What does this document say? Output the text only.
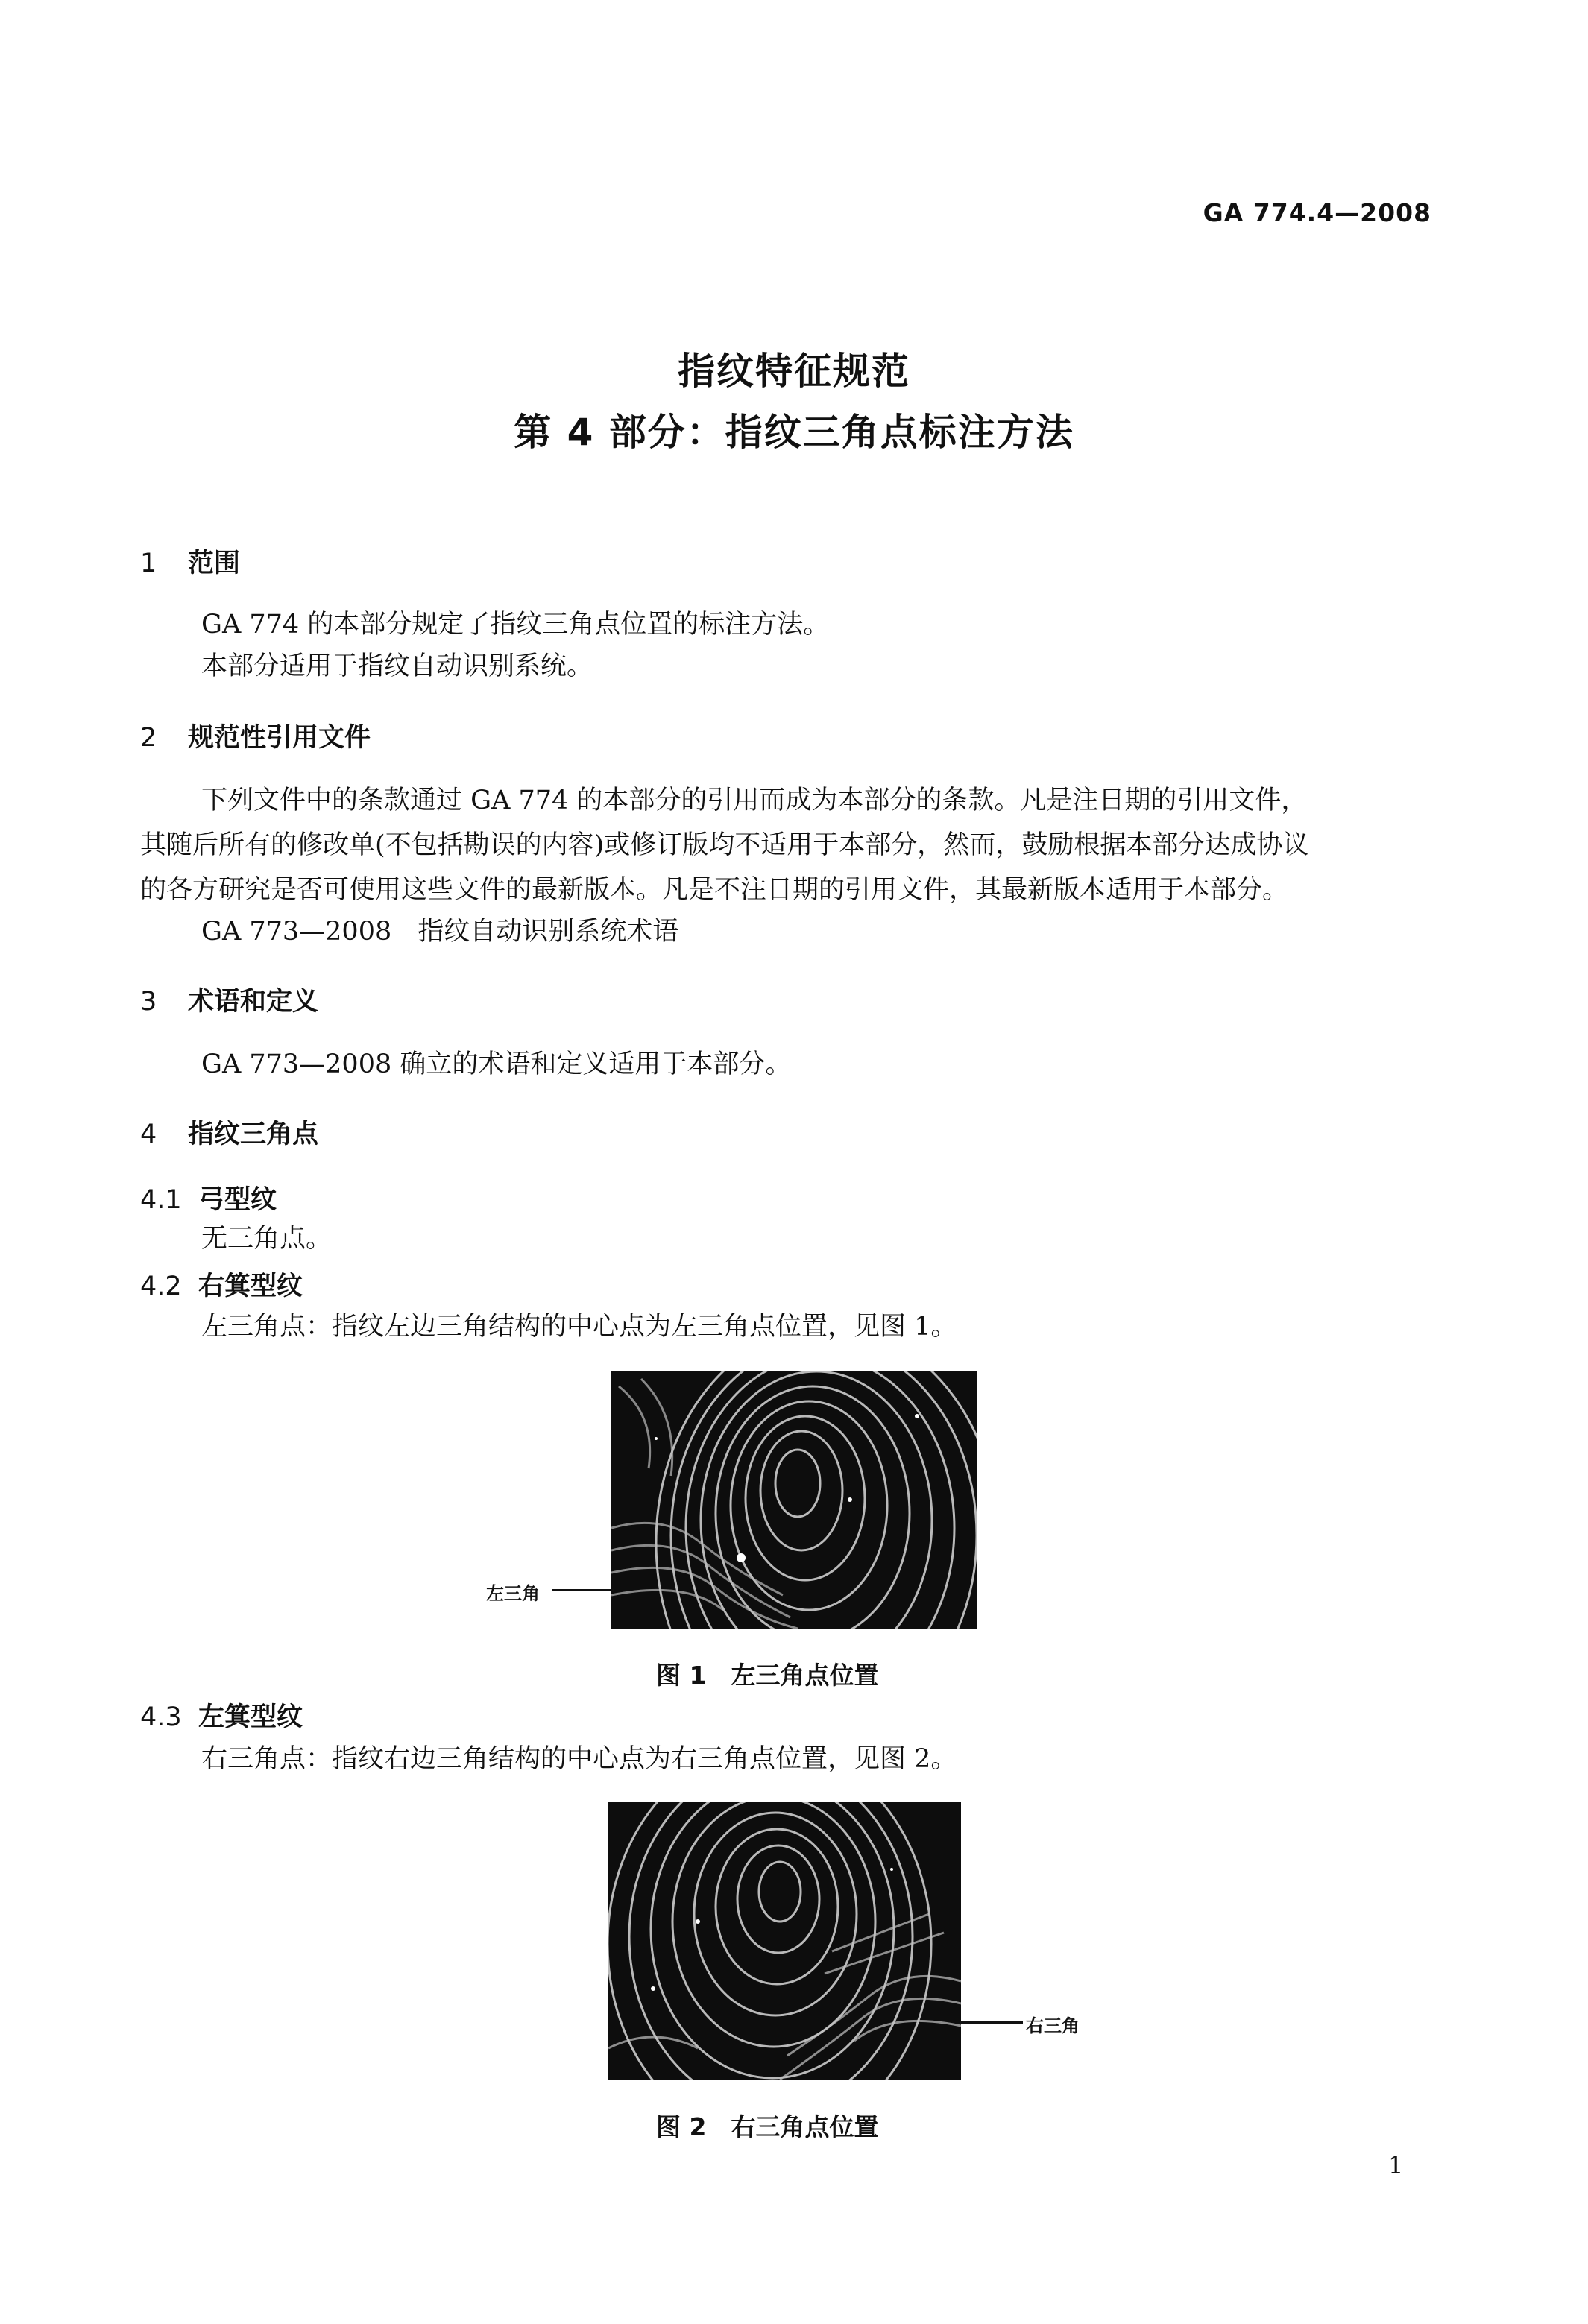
GA 774.4—2008
指纹特征规范
第 4 部分：指纹三角点标注方法
1 范围
GA 774 的本部分规定了指纹三角点位置的标注方法。
本部分适用于指纹自动识别系统。
2 规范性引用文件
下列文件中的条款通过 GA 774 的本部分的引用而成为本部分的条款。凡是注日期的引用文件，
其随后所有的修改单(不包括勘误的内容)或修订版均不适用于本部分，然而，鼓励根据本部分达成协议
的各方研究是否可使用这些文件的最新版本。凡是不注日期的引用文件，其最新版本适用于本部分。
GA 773—2008　指纹自动识别系统术语
3 术语和定义
GA 773—2008 确立的术语和定义适用于本部分。
4 指纹三角点
4.1 弓型纹
无三角点。
4.2 右箕型纹
左三角点：指纹左边三角结构的中心点为左三角点位置，见图 1。
左三角
图 1　左三角点位置
4.3 左箕型纹
右三角点：指纹右边三角结构的中心点为右三角点位置，见图 2。
右三角
图 2　右三角点位置
1
